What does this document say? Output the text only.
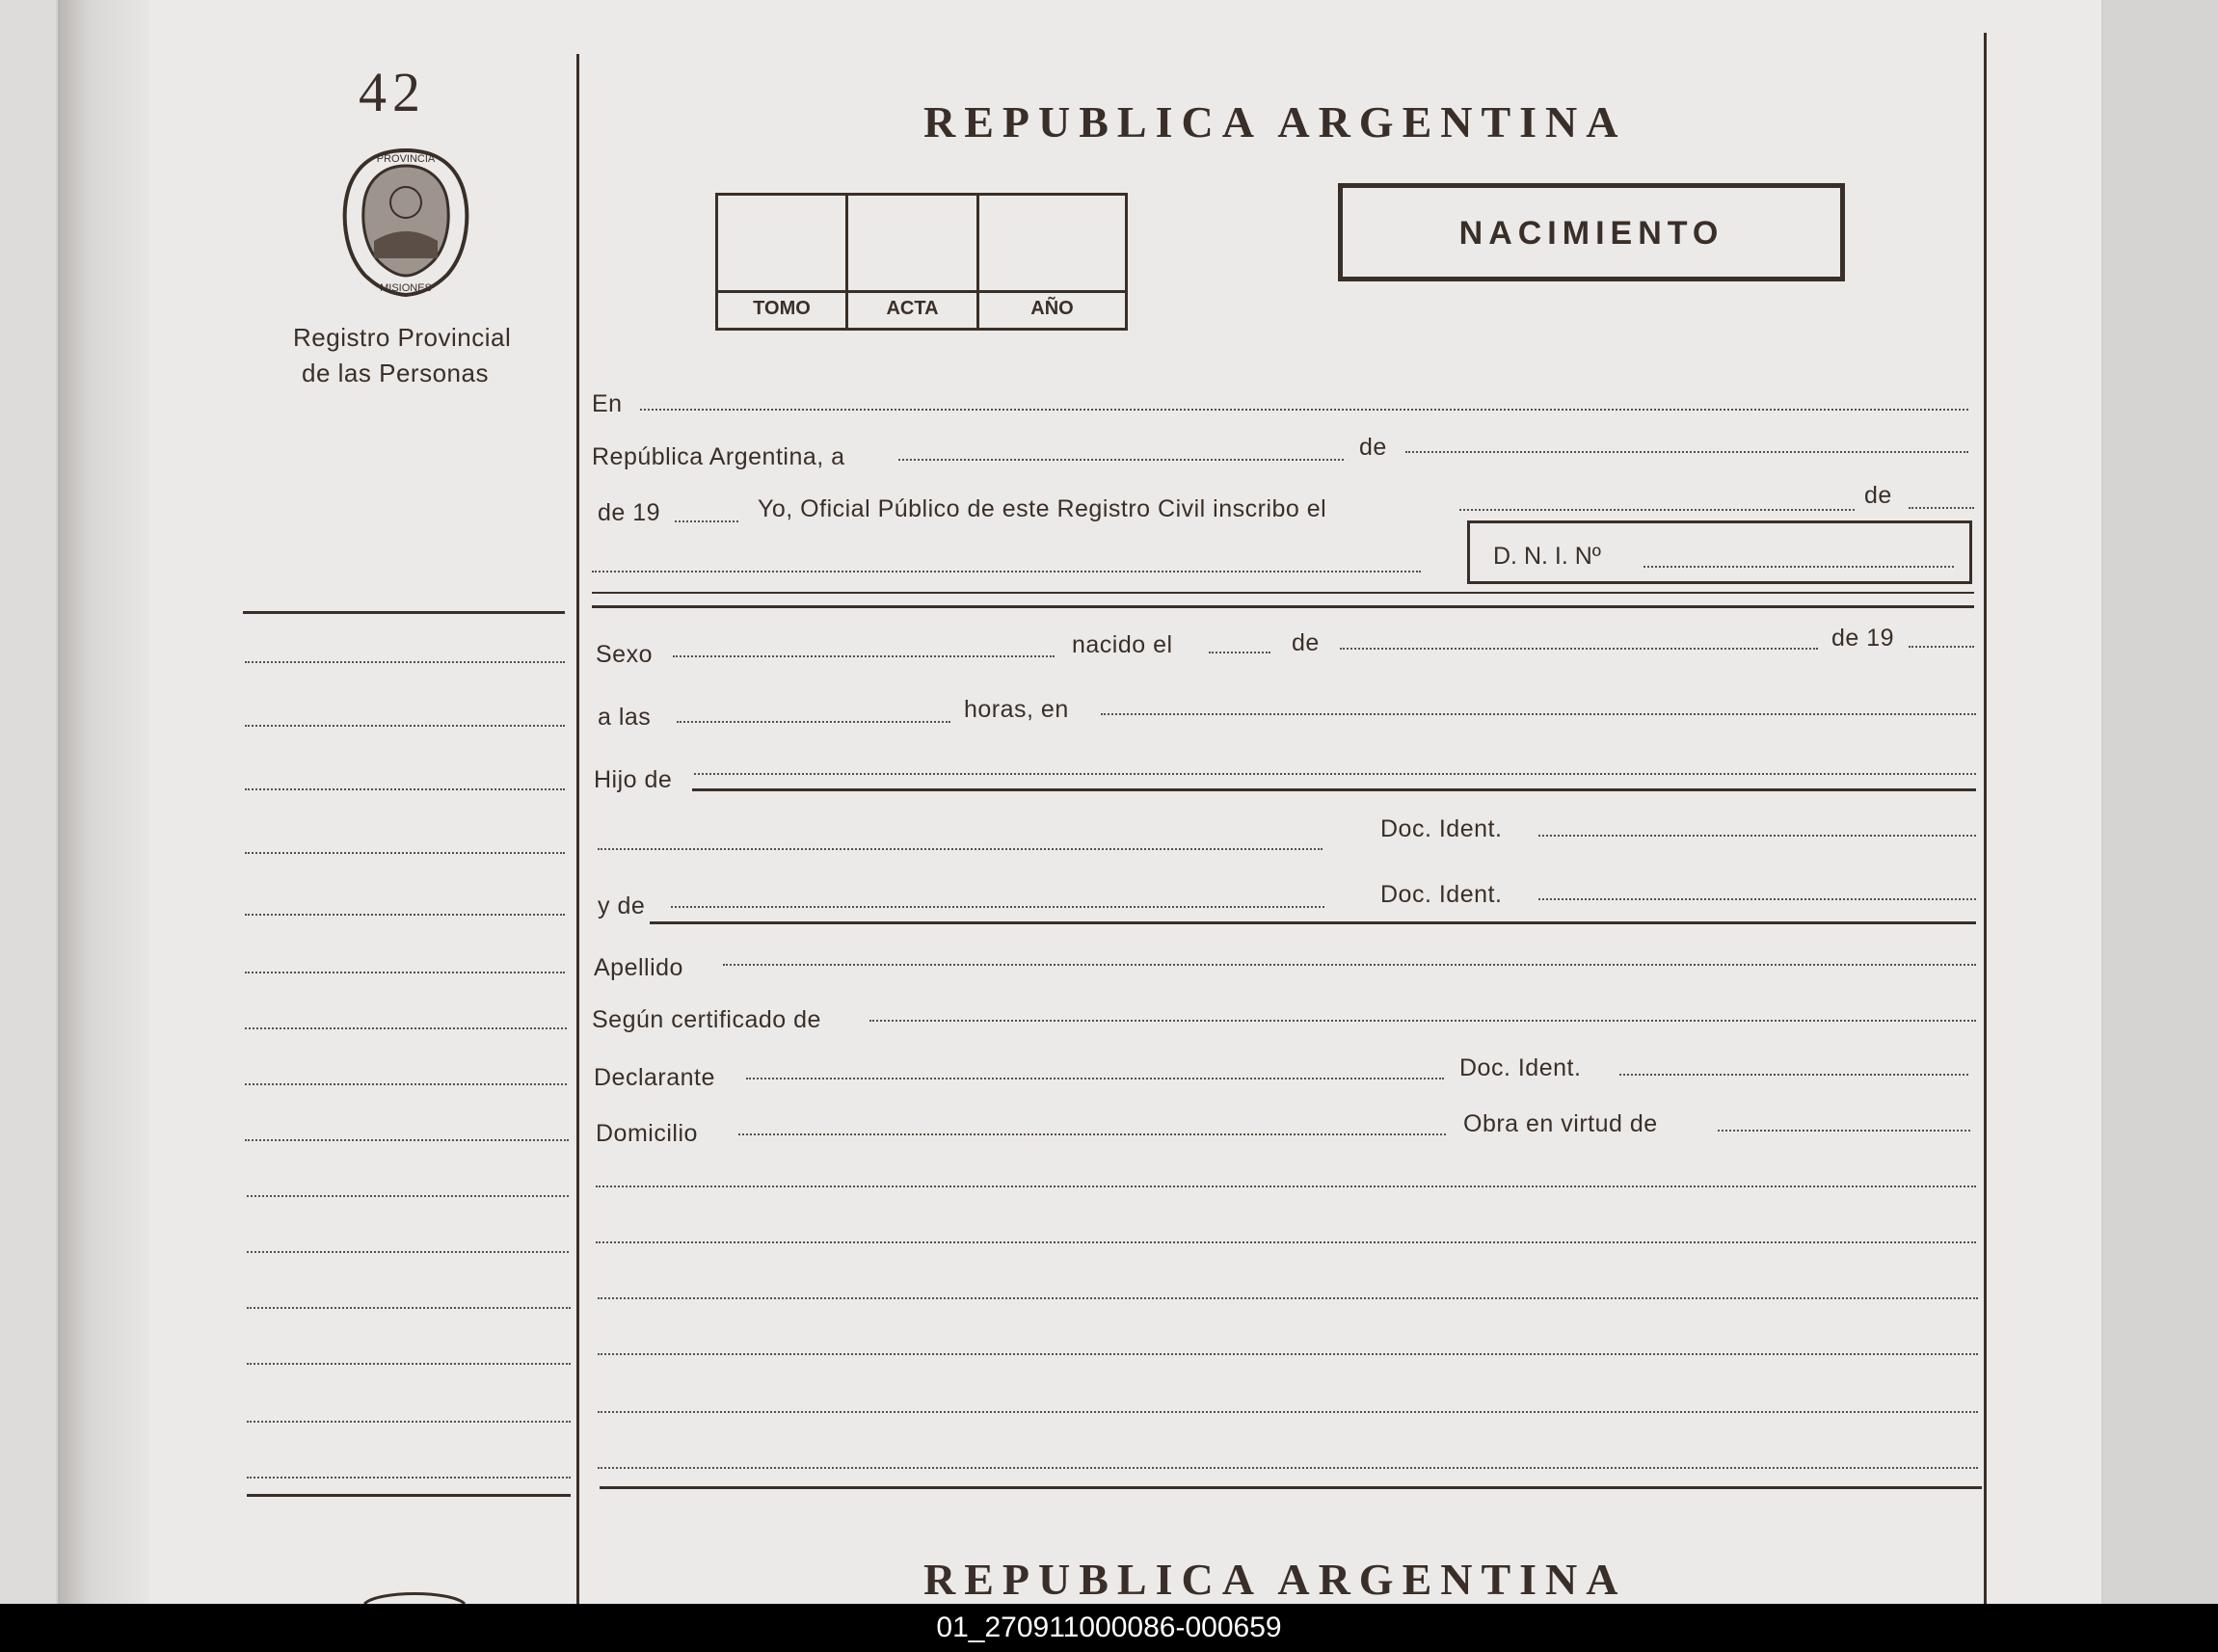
42
PROVINCIA
MISIONES
Registro Provincial
de las Personas
REPUBLICA ARGENTINA
TOMO	ACTA	AÑO
NACIMIENTO
En
República Argentina, a	de
de 19	Yo, Oficial Público de este Registro Civil inscribo el	de
D. N. I. Nº
Sexo	nacido el	de	de 19
a las	horas, en
Hijo de
Doc. Ident.
y de	Doc. Ident.
Apellido
Según certificado de
Declarante	Doc. Ident.
Domicilio	Obra en virtud de
REPUBLICA ARGENTINA
01_270911000086-000659
